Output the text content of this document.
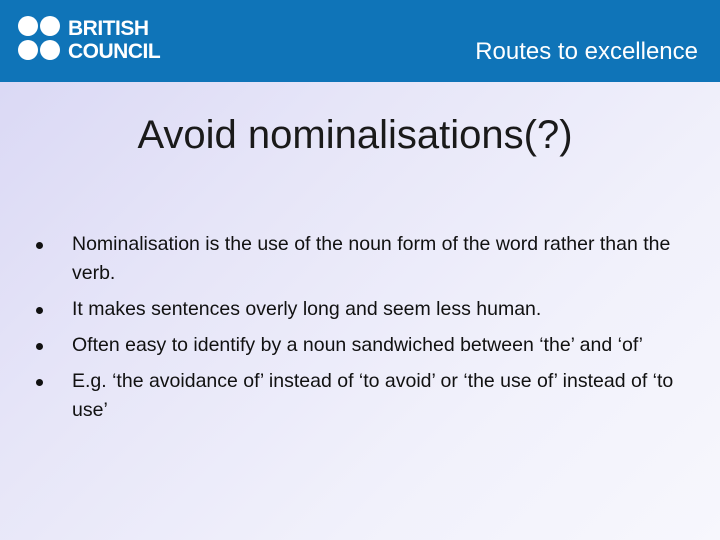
BRITISH
COUNCIL	Routes to excellence
Avoid nominalisations(?)
Nominalisation is the use of the noun form of the word rather than the verb.
It makes sentences overly long and seem less human.
Often easy to identify by a noun sandwiched between ‘the’ and ‘of’
E.g. ‘the avoidance of’ instead of ‘to avoid’ or ‘the use of’ instead of ‘to use’
